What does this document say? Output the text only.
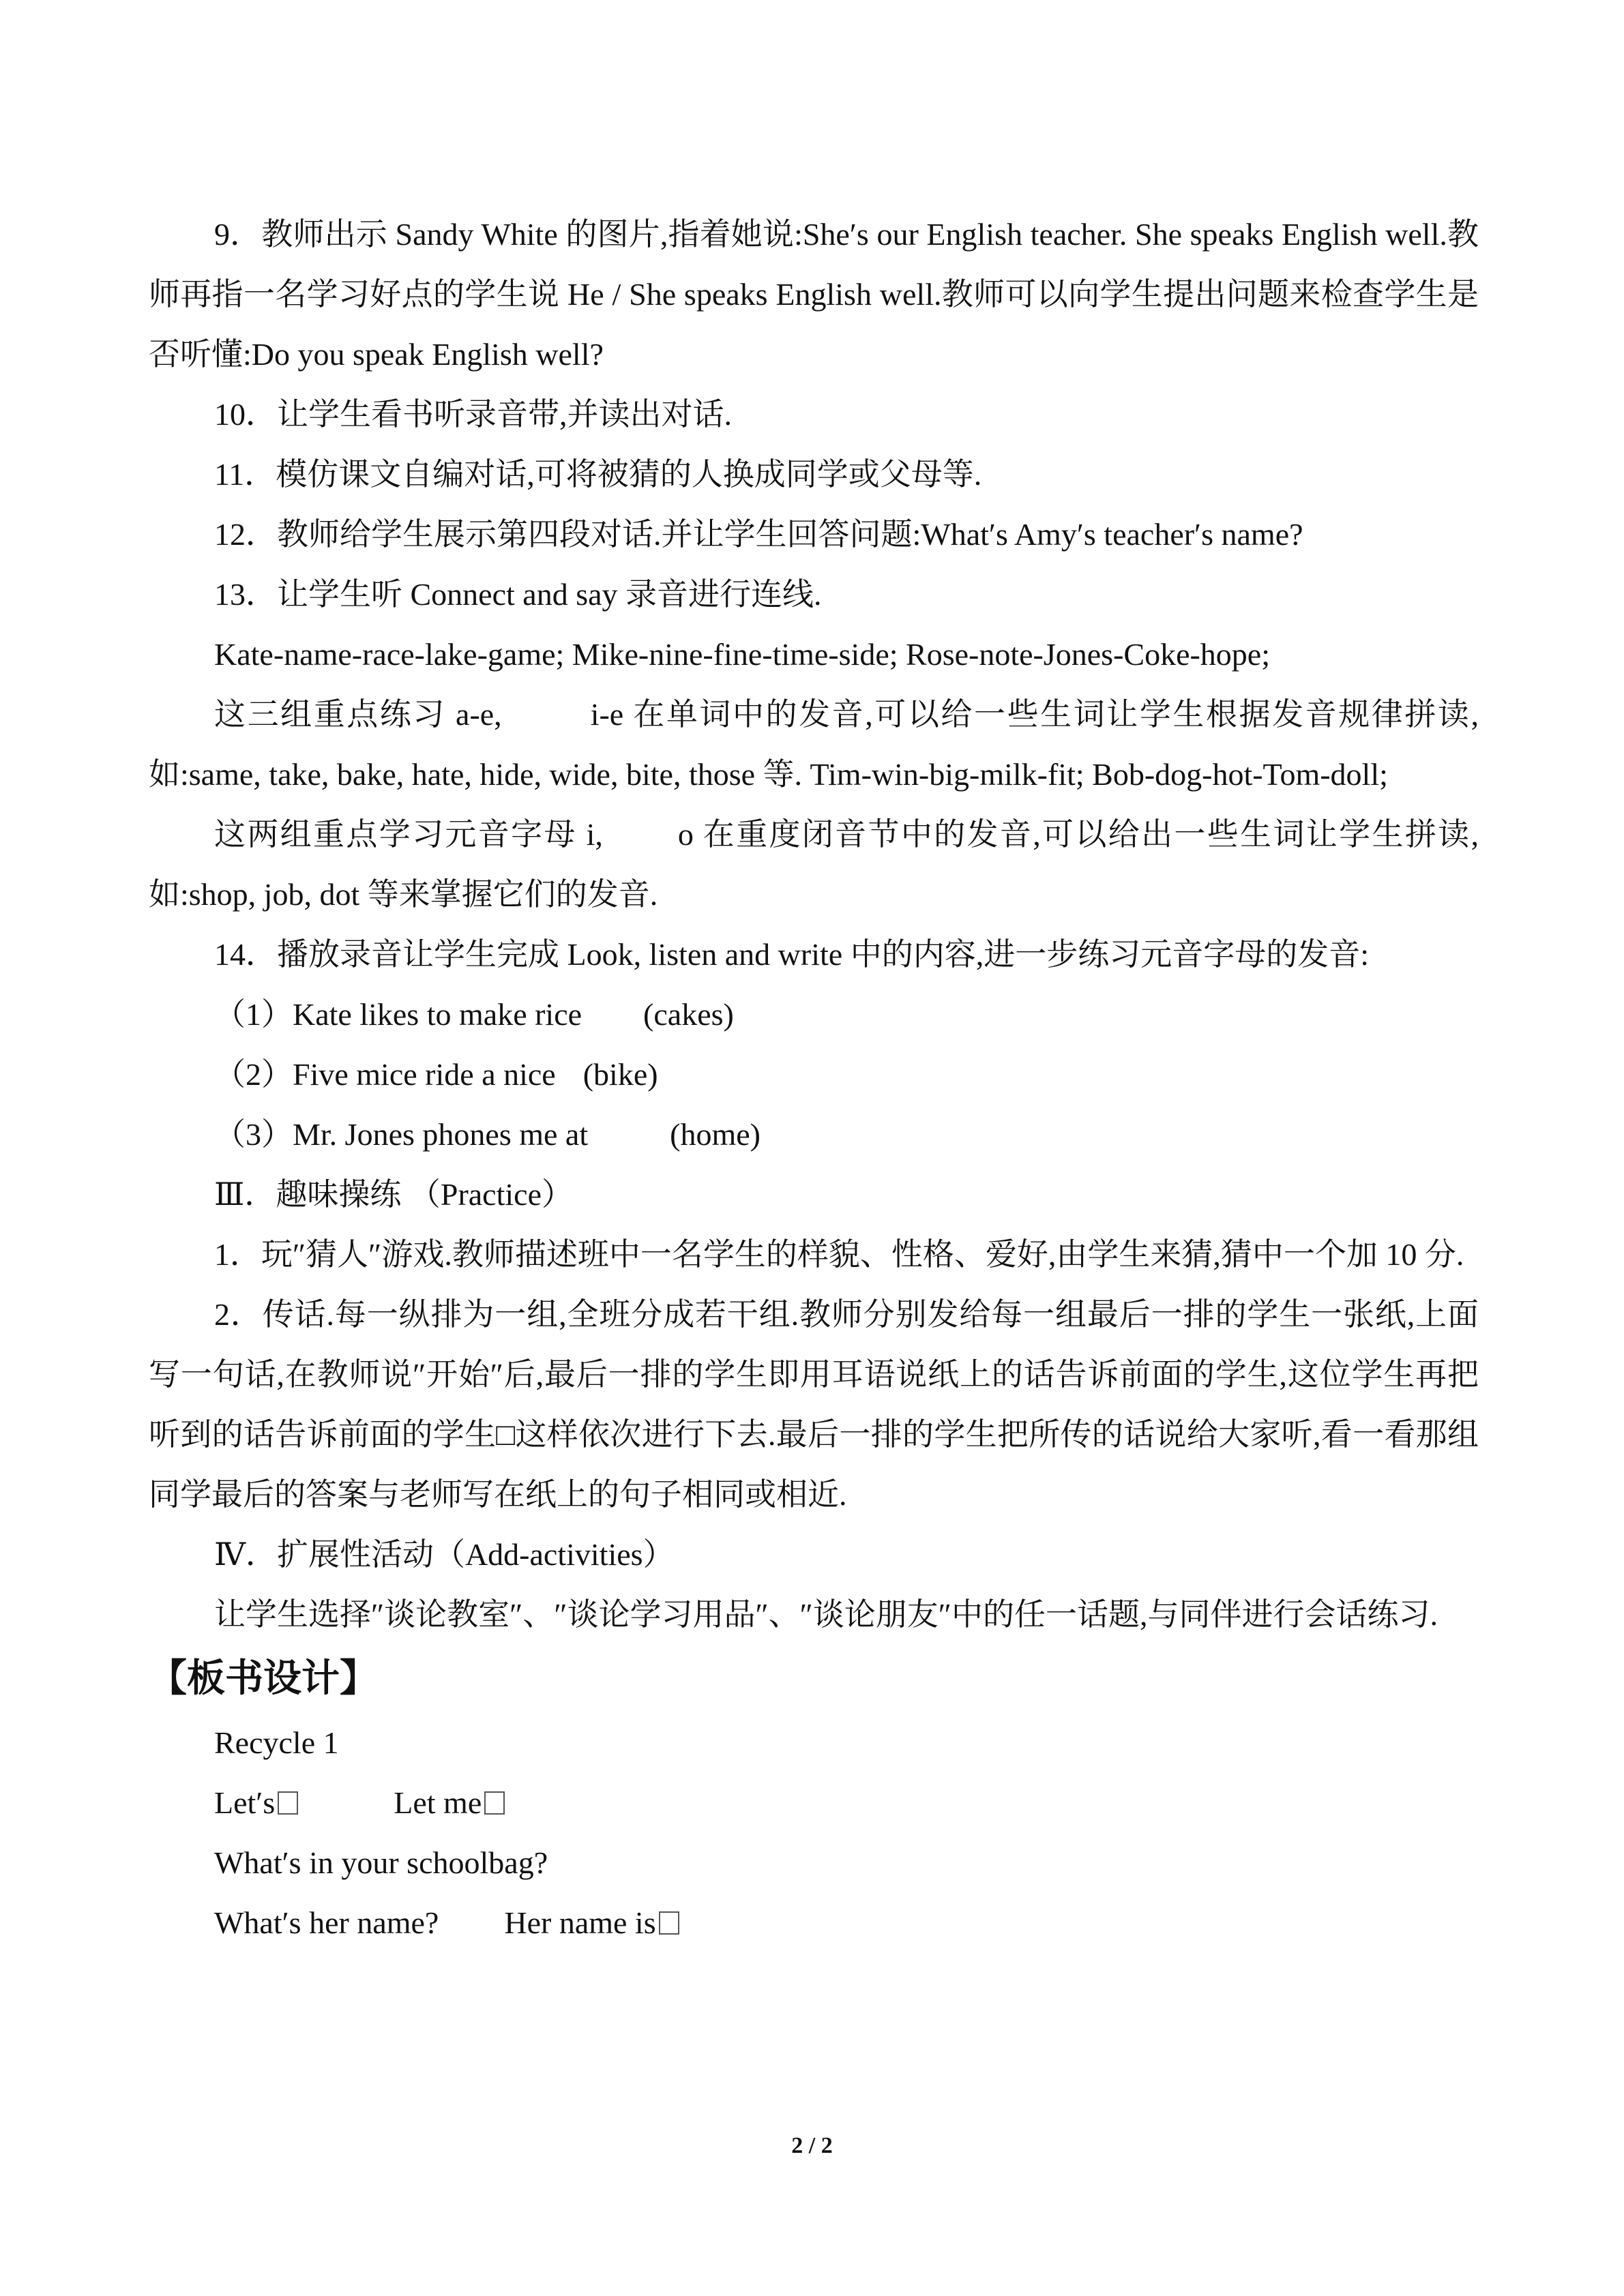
9．教师出示 Sandy White 的图片,指着她说:She′s our English teacher. She speaks English well.教师再指一名学习好点的学生说 He / She speaks English well.教师可以向学生提出问题来检查学生是否听懂:Do you speak English well?

10．让学生看书听录音带,并读出对话.

11．模仿课文自编对话,可将被猜的人换成同学或父母等.

12．教师给学生展示第四段对话.并让学生回答问题:What′s Amy′s teacher′s name?

13．让学生听 Connect and say 录音进行连线.

Kate-name-race-lake-game; Mike-nine-fine-time-side; Rose-note-Jones-Coke-hope;

这三组重点练习 a-e,	i-e 在单词中的发音,可以给一些生词让学生根据发音规律拼读,如:same, take, bake, hate, hide, wide, bite, those 等. Tim-win-big-milk-fit; Bob-dog-hot-Tom-doll;

这两组重点学习元音字母 i, o 在重度闭音节中的发音,可以给出一些生词让学生拼读,如:shop, job, dot 等来掌握它们的发音.

14．播放录音让学生完成 Look, listen and write 中的内容,进一步练习元音字母的发音:

（1）Kate likes to make rice (cakes)

（2）Five mice ride a nice (bike)

（3）Mr. Jones phones me at	(home)

Ⅲ．趣味操练 （Practice）

1．玩″猜人″游戏.教师描述班中一名学生的样貌、性格、爱好,由学生来猜,猜中一个加 10 分.

2．传话.每一纵排为一组,全班分成若干组.教师分别发给每一组最后一排的学生一张纸,上面写一句话,在教师说″开始″后,最后一排的学生即用耳语说纸上的话告诉前面的学生,这位学生再把听到的话告诉前面的学生□这样依次进行下去.最后一排的学生把所传的话说给大家听,看一看那组同学最后的答案与老师写在纸上的句子相同或相近.

Ⅳ．扩展性活动（Add-activities）

让学生选择″谈论教室″、″谈论学习用品″、″谈论朋友″中的任一话题,与同伴进行会话练习.

【板书设计】

Recycle 1

Let′s	Let me

What′s in your schoolbag?

What′s her name? Her name is

2 / 2
